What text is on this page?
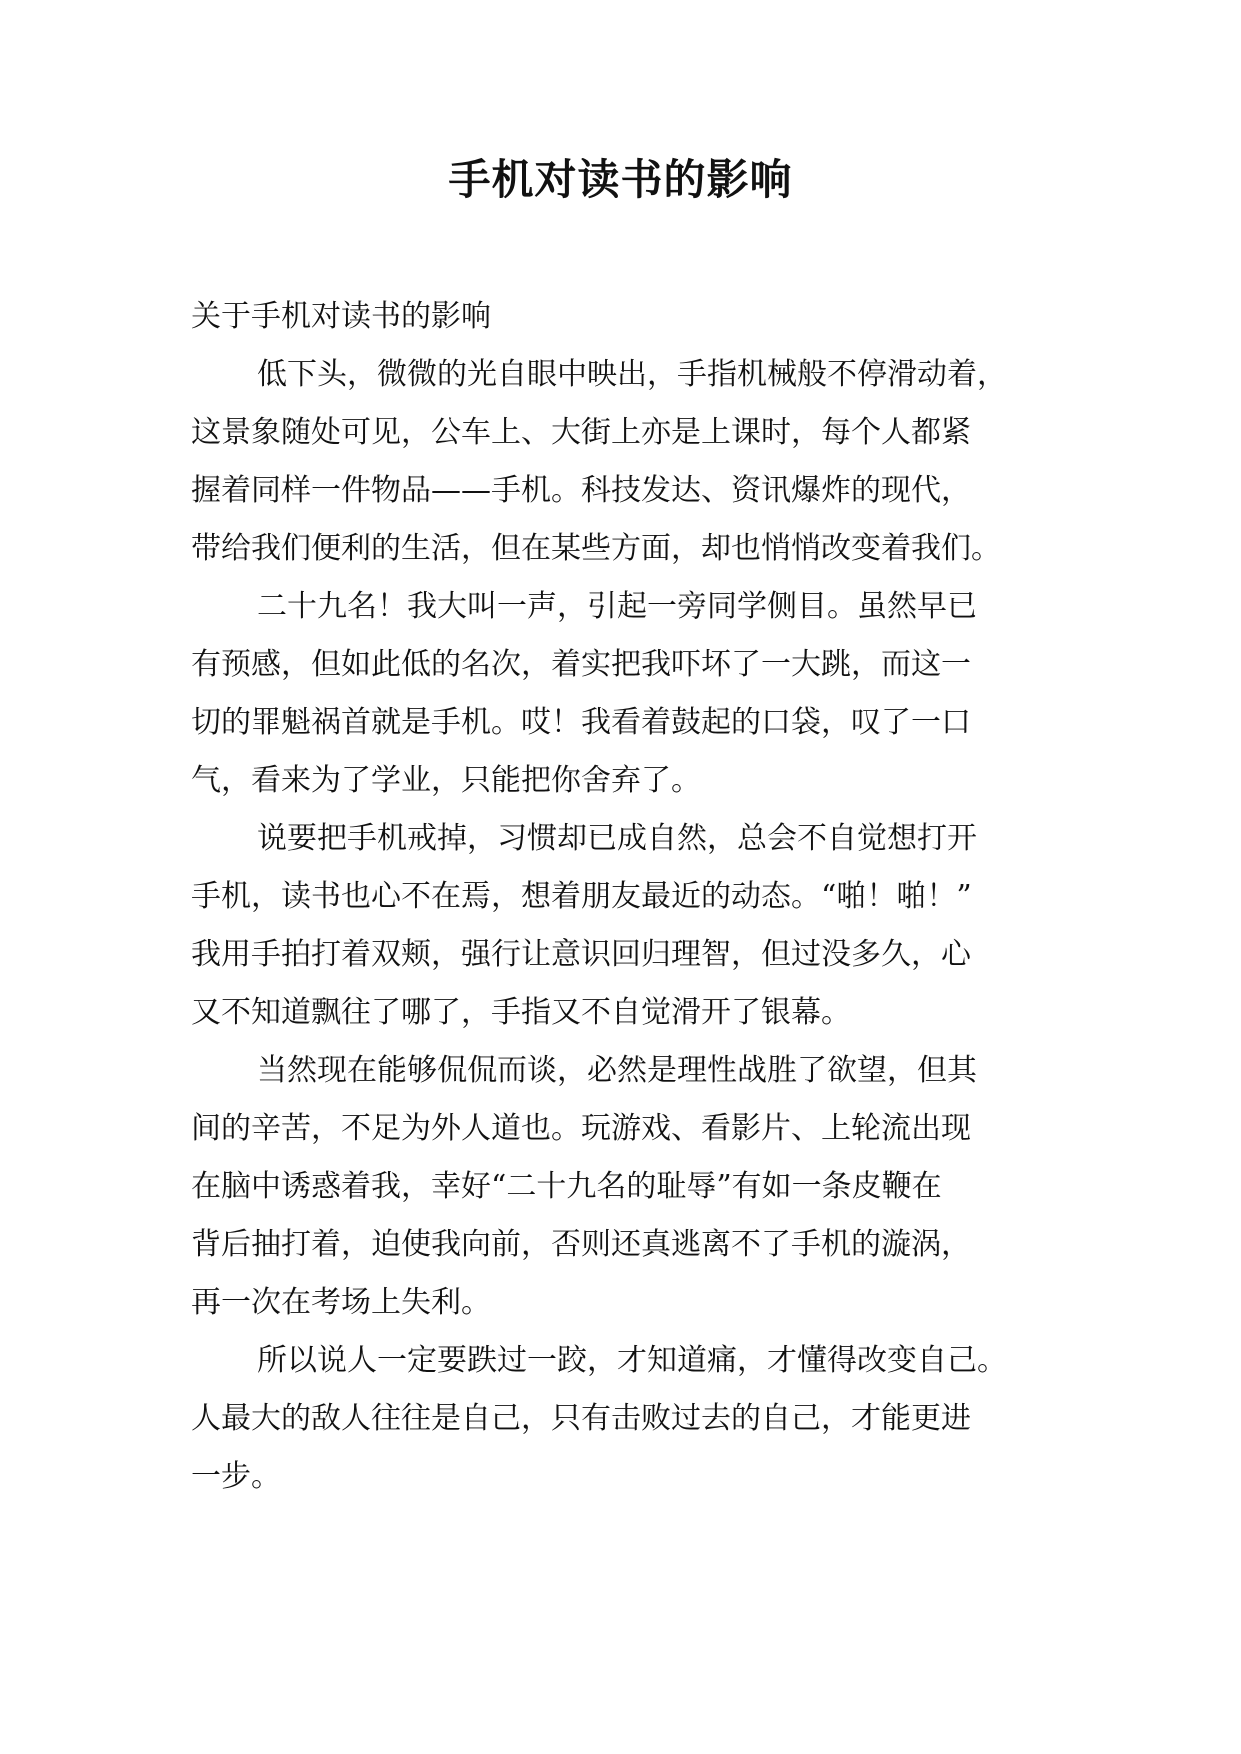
手机对读书的影响
关于手机对读书的影响
低下头，微微的光自眼中映出，手指机械般不停滑动着，
这景象随处可见，公车上、大街上亦是上课时，每个人都紧
握着同样一件物品——手机。科技发达、资讯爆炸的现代，
带给我们便利的生活，但在某些方面，却也悄悄改变着我们。
二十九名！我大叫一声，引起一旁同学侧目。虽然早已
有预感，但如此低的名次，着实把我吓坏了一大跳，而这一
切的罪魁祸首就是手机。哎！我看着鼓起的口袋，叹了一口
气，看来为了学业，只能把你舍弃了。
说要把手机戒掉，习惯却已成自然，总会不自觉想打开
手机，读书也心不在焉，想着朋友最近的动态。“啪！啪！”
我用手拍打着双颊，强行让意识回归理智，但过没多久，心
又不知道飘往了哪了，手指又不自觉滑开了银幕。
当然现在能够侃侃而谈，必然是理性战胜了欲望，但其
间的辛苦，不足为外人道也。玩游戏、看影片、上轮流出现
在脑中诱惑着我，幸好“二十九名的耻辱”有如一条皮鞭在
背后抽打着，迫使我向前，否则还真逃离不了手机的漩涡，
再一次在考场上失利。
所以说人一定要跌过一跤，才知道痛，才懂得改变自己。
人最大的敌人往往是自己，只有击败过去的自己，才能更进
一步。
